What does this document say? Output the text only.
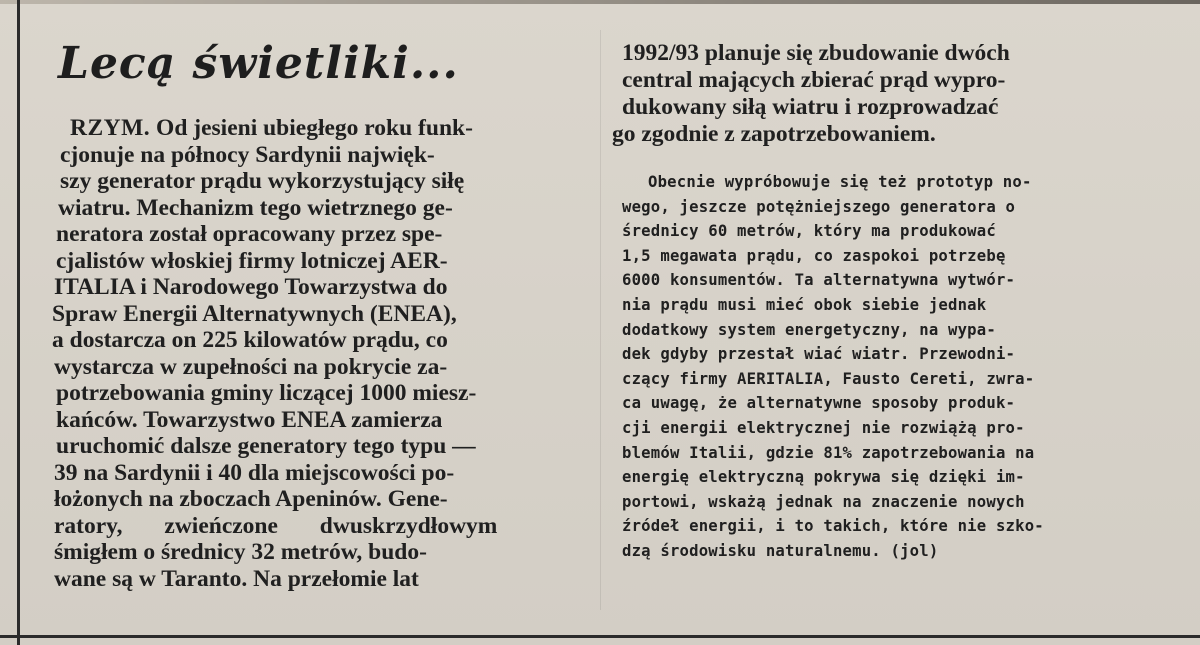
Lecą świetliki...
RZYM. Od jesieni ubiegłego roku funk-
cjonuje na północy Sardynii najwięk-
szy generator prądu wykorzystujący siłę
wiatru. Mechanizm tego wietrznego ge-
neratora został opracowany przez spe-
cjalistów włoskiej firmy lotniczej AER-
ITALIA i Narodowego Towarzystwa do
Spraw Energii Alternatywnych (ENEA),
a dostarcza on 225 kilowatów prądu, co
wystarcza w zupełności na pokrycie za-
potrzebowania gminy liczącej 1000 miesz-
kańców. Towarzystwo ENEA zamierza
uruchomić dalsze generatory tego typu —
39 na Sardynii i 40 dla miejscowości po-
łożonych na zboczach Apeninów. Gene-
ratory, zwieńczone dwuskrzydłowym
śmigłem o średnicy 32 metrów, budo-
wane są w Taranto. Na przełomie lat
1992/93 planuje się zbudowanie dwóch
central mających zbierać prąd wypro-
dukowany siłą wiatru i rozprowadzać
go zgodnie z zapotrzebowaniem.
Obecnie wypróbowuje się też prototyp no-
wego, jeszcze potężniejszego generatora o
średnicy 60 metrów, który ma produkować
1,5 megawata prądu, co zaspokoi potrzebę
6000 konsumentów. Ta alternatywna wytwór-
nia prądu musi mieć obok siebie jednak
dodatkowy system energetyczny, na wypa-
dek gdyby przestał wiać wiatr. Przewodni-
czący firmy AERITALIA, Fausto Cereti, zwra-
ca uwagę, że alternatywne sposoby produk-
cji energii elektrycznej nie rozwiążą pro-
blemów Italii, gdzie 81% zapotrzebowania na
energię elektryczną pokrywa się dzięki im-
portowi, wskażą jednak na znaczenie nowych
źródeł energii, i to takich, które nie szko-
dzą środowisku naturalnemu. (jol)
